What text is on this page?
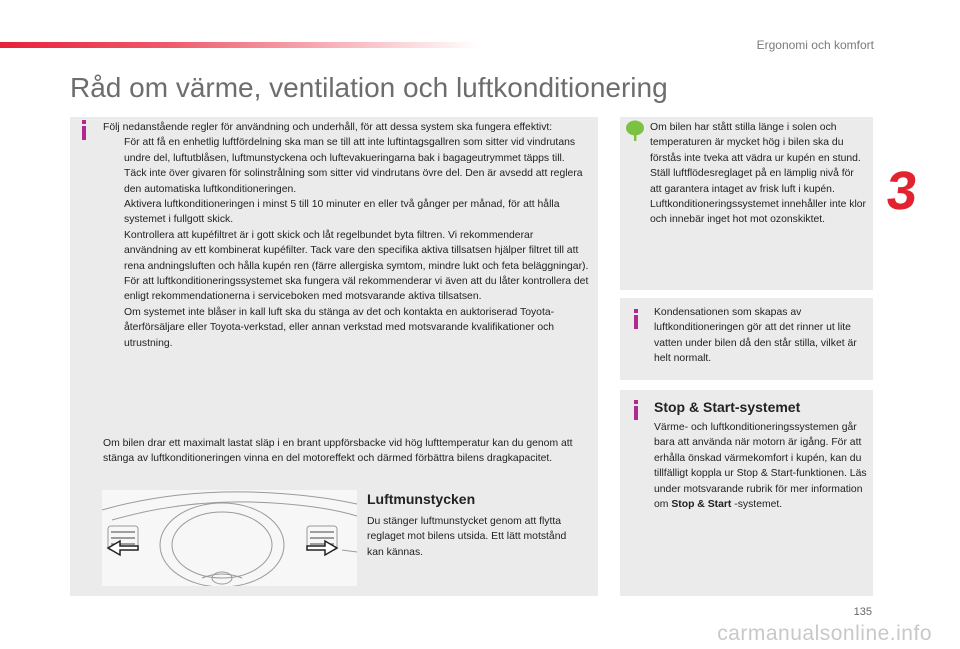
Ergonomi och komfort
3
Råd om värme, ventilation och luftkonditionering
Följ nedanstående regler för användning och underhåll, för att dessa system ska fungera effektivt:
För att få en enhetlig luftfördelning ska man se till att inte luftintagsgallren som sitter vid vindrutans undre del, luftutblåsen, luftmunstyckena och luftevakueringarna bak i bagageutrymmet täpps till.
Täck inte över givaren för solinstrålning som sitter vid vindrutans övre del. Den är avsedd att reglera den automatiska luftkonditioneringen.
Aktivera luftkonditioneringen i minst 5 till 10 minuter en eller två gånger per månad, för att hålla systemet i fullgott skick.
Kontrollera att kupéfiltret är i gott skick och låt regelbundet byta filtren. Vi rekommenderar användning av ett kombinerat kupéfilter. Tack vare den specifika aktiva tillsatsen hjälper filtret till att rena andningsluften och hålla kupén ren (färre allergiska symtom, mindre lukt och feta beläggningar).
För att luftkonditioneringssystemet ska fungera väl rekommenderar vi även att du låter kontrollera det enligt rekommendationerna i serviceboken med motsvarande aktiva tillsatsen.
Om systemet inte blåser in kall luft ska du stänga av det och kontakta en auktoriserad Toyota-återförsäljare eller Toyota-verkstad, eller annan verkstad med motsvarande kvalifikationer och utrustning.
Om bilen drar ett maximalt lastat släp i en brant uppförsbacke vid hög lufttemperatur kan du genom att stänga av luftkonditioneringen vinna en del motoreffekt och därmed förbättra bilens dragkapacitet.
Luftmunstycken
Du stänger luftmunstycket genom att flytta reglaget mot bilens utsida. Ett lätt motstånd kan kännas.
Om bilen har stått stilla länge i solen och temperaturen är mycket hög i bilen ska du förstås inte tveka att vädra ur kupén en stund. Ställ luftflödesreglaget på en lämplig nivå för att garantera intaget av frisk luft i kupén. Luftkonditioneringssystemet innehåller inte klor och innebär inget hot mot ozonskiktet.
Kondensationen som skapas av luftkonditioneringen gör att det rinner ut lite vatten under bilen då den står stilla, vilket är helt normalt.
Stop & Start-systemet
Värme- och luftkonditioneringssystemen går bara att använda när motorn är igång. För att erhålla önskad värmekomfort i kupén, kan du tillfälligt koppla ur Stop & Start-funktionen. Läs under motsvarande rubrik för mer information om Stop & Start -systemet.
135
carmanualsonline.info
